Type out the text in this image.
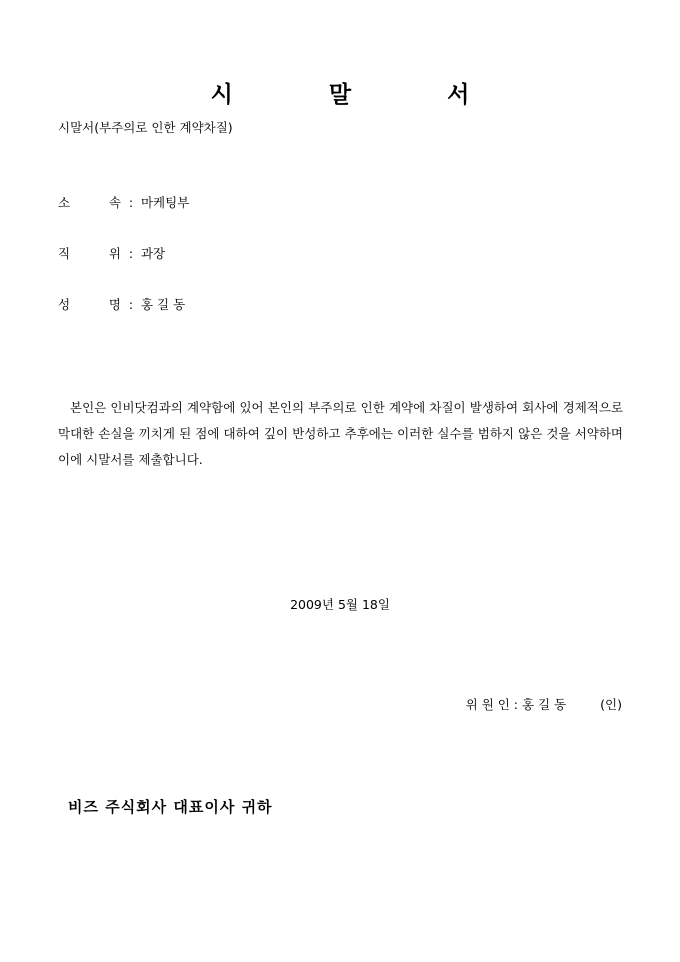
시 말 서
시말서(부주의로 인한 계약차질)
소	속 : 마케팅부
직	위 : 과장
성	명 : 홍 길 동
본인은 인비닷컴과의 계약함에 있어 본인의 부주의로 인한 계약에 차질이 발생하여 회사에 경제적으로 막대한 손실을 끼치게 된 점에 대하여 깊이 반성하고 추후에는 이러한 실수를 범하지 않은 것을 서약하며 이에 시말서를 제출합니다.
2009년 5월 18일
위 원 인 : 홍 길 동	(인)
비즈 주식회사 대표이사 귀하
